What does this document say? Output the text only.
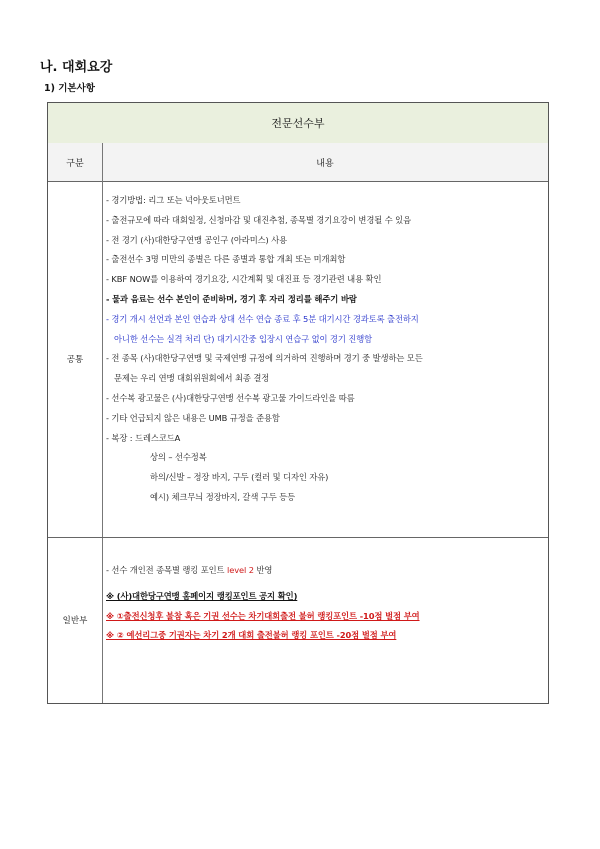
나. 대회요강
1) 기본사항
전문선수부
구분	내용
공통
- 경기방법: 리그 또는 넉아웃토너먼트
- 출전규모에 따라 대회일정, 신청마감 및 대진추첨, 종목별 경기요강이 변경될 수 있음
- 전 경기 (사)대한당구연맹 공인구 (아라미스) 사용
- 출전선수 3명 미만의 종별은 다른 종별과 통합 개최 또는 미개최함
- KBF NOW를 이용하여 경기요강, 시간계획 및 대진표 등 경기관련 내용 확인
- 물과 음료는 선수 본인이 준비하며, 경기 후 자리 정리를 해주기 바람
- 경기 개시 선언과 본인 연습과 상대 선수 연습 종료 후 5분 대기시간 경과토록 출전하지
아니한 선수는 실격 처리 단) 대기시간중 입장시 연습구 없이 경기 진행함
- 전 종목 (사)대한당구연맹 및 국제연맹 규정에 의거하여 진행하며 경기 중 발생하는 모든
문제는 우리 연맹 대회위원회에서 최종 결정
- 선수복 광고물은 (사)대한당구연맹 선수복 광고물 가이드라인을 따름
- 기타 언급되지 않은 내용은 UMB 규정을 준용함
- 복장 : 드레스코드A
상의 – 선수정복
하의/신발 – 정장 바지, 구두 (컬러 및 디자인 자유)
예시) 체크무늬 정장바지, 갈색 구두 등등
일반부
- 선수 개인전 종목별 랭킹 포인트 level 2 반영
※ (사)대한당구연맹 홈페이지 랭킹포인트 공지 확인)
※ ①출전신청후 불참 혹은 기권 선수는 차기대회출전 불허 랭킹포인트 -10점 벌점 부여
※ ② 예선리그중 기권자는 차기 2개 대회 출전불허 랭킹 포인트 -20점 벌점 부여
